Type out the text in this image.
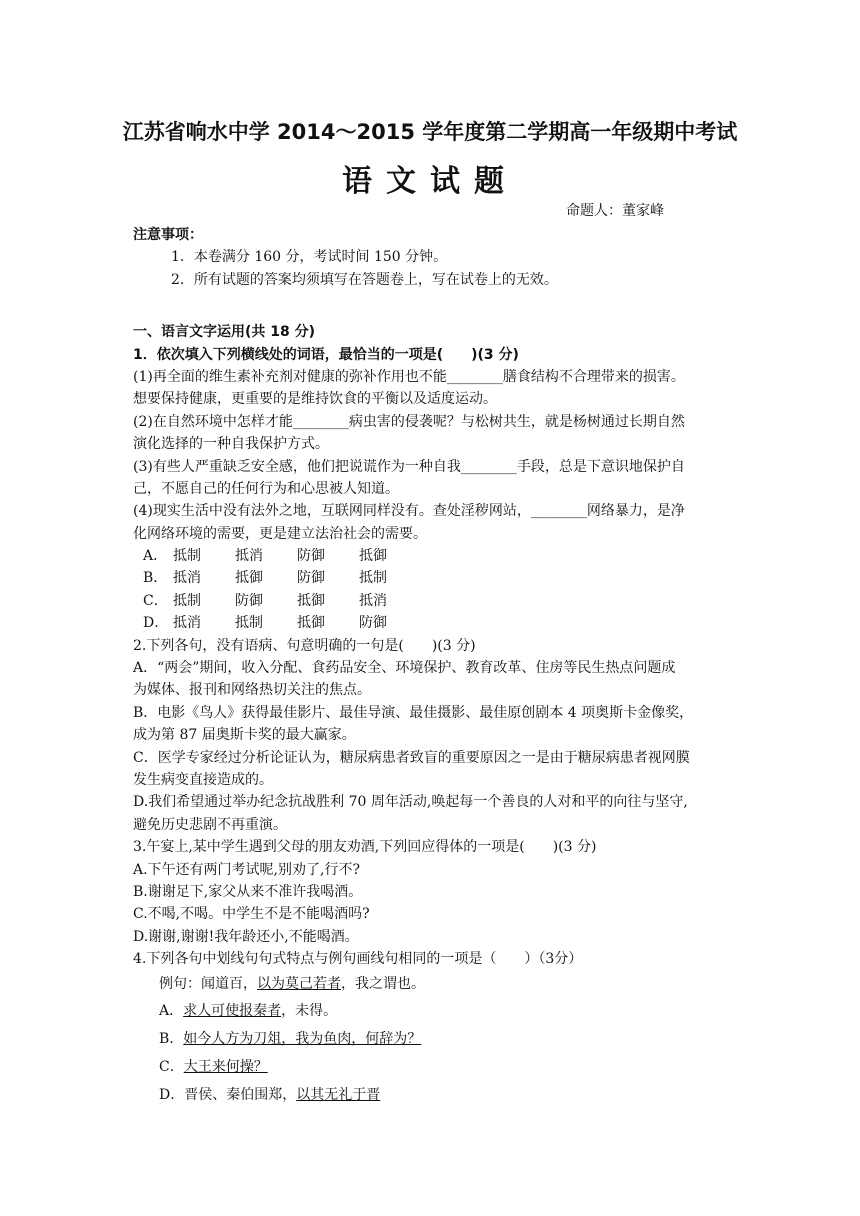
江苏省响水中学 2014～2015 学年度第二学期高一年级期中考试
语文试题
命题人：董家峰
注意事项：
1．本卷满分 160 分，考试时间 150 分钟。
2．所有试题的答案均须填写在答题卷上，写在试卷上的无效。
一、语言文字运用(共 18 分)
1．依次填入下列横线处的词语，最恰当的一项是(　　)(3 分)
(1)再全面的维生素补充剂对健康的弥补作用也不能________膳食结构不合理带来的损害。
想要保持健康，更重要的是维持饮食的平衡以及适度运动。
(2)在自然环境中怎样才能________病虫害的侵袭呢？与松树共生，就是杨树通过长期自然
演化选择的一种自我保护方式。
(3)有些人严重缺乏安全感，他们把说谎作为一种自我________手段，总是下意识地保护自
己，不愿自己的任何行为和心思被人知道。
(4)现实生活中没有法外之地，互联网同样没有。查处淫秽网站，________网络暴力，是净
化网络环境的需要，更是建立法治社会的需要。
A． 抵制 抵消 防御 抵御
B． 抵消 抵御 防御 抵制
C． 抵制 防御 抵御 抵消
D． 抵消 抵制 抵御 防御
2.下列各句，没有语病、句意明确的一句是(　　)(3 分)
A．“两会”期间，收入分配、食药品安全、环境保护、教育改革、住房等民生热点问题成
为媒体、报刊和网络热切关注的焦点。
B．电影《鸟人》获得最佳影片、最佳导演、最佳摄影、最佳原创剧本 4 项奥斯卡金像奖，
成为第 87 届奥斯卡奖的最大赢家。
C．医学专家经过分析论证认为，糖尿病患者致盲的重要原因之一是由于糖尿病患者视网膜
发生病变直接造成的。
D.我们希望通过举办纪念抗战胜利 70 周年活动,唤起每一个善良的人对和平的向往与坚守,
避免历史悲剧不再重演。
3.午宴上,某中学生遇到父母的朋友劝酒,下列回应得体的一项是(　　)(3 分)
A.下午还有两门考试呢,别劝了,行不?
B.谢谢足下,家父从来不准许我喝酒。
C.不喝,不喝。中学生不是不能喝酒吗?
D.谢谢,谢谢!我年龄还小,不能喝酒。
4.下列各句中划线句句式特点与例句画线句相同的一项是（　　）（3分）
例句：闻道百，以为莫己若者，我之谓也。
A．求人可使报秦者，未得。
B．如今人方为刀俎，我为鱼肉，何辞为？
C．大王来何操？
D．晋侯、秦伯围郑，以其无礼于晋
